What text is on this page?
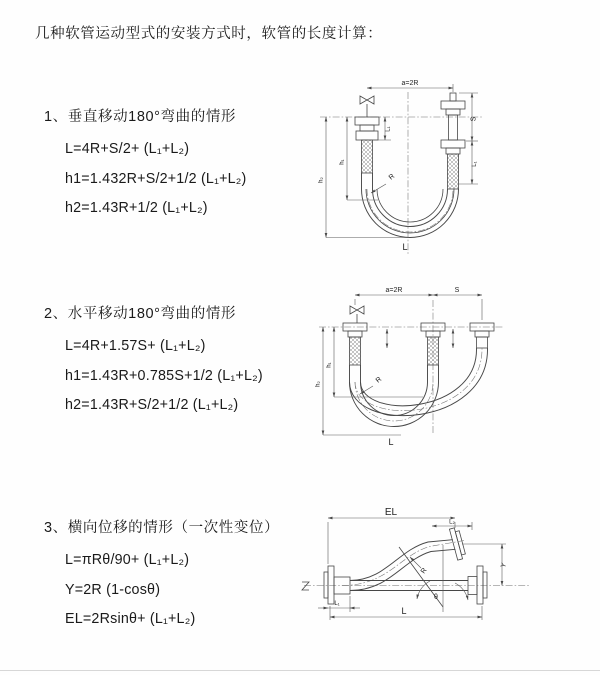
几种软管运动型式的安装方式时，软管的长度计算：
1、垂直移动180°弯曲的情形
L=4R+S/2+ (L₁+L₂)
h1=1.432R+S/2+1/2 (L₁+L₂)
h2=1.43R+1/2 (L₁+L₂)
a=2R
R
S
L₁
L₁
h₂
h₁
L
2、水平移动180°弯曲的情形
L=4R+1.57S+ (L₁+L₂)
h1=1.43R+0.785S+1/2 (L₁+L₂)
h2=1.43R+S/2+1/2 (L₁+L₂)
a=2R	S
R
h₂
h₁
L
3、横向位移的情形（一次性变位）
L=πRθ/90+ (L₁+L₂)
Y=2R (1-cosθ)
EL=2Rsinθ+ (L₁+L₂)
EL
L₂
Y
R
θ
L₁
L
